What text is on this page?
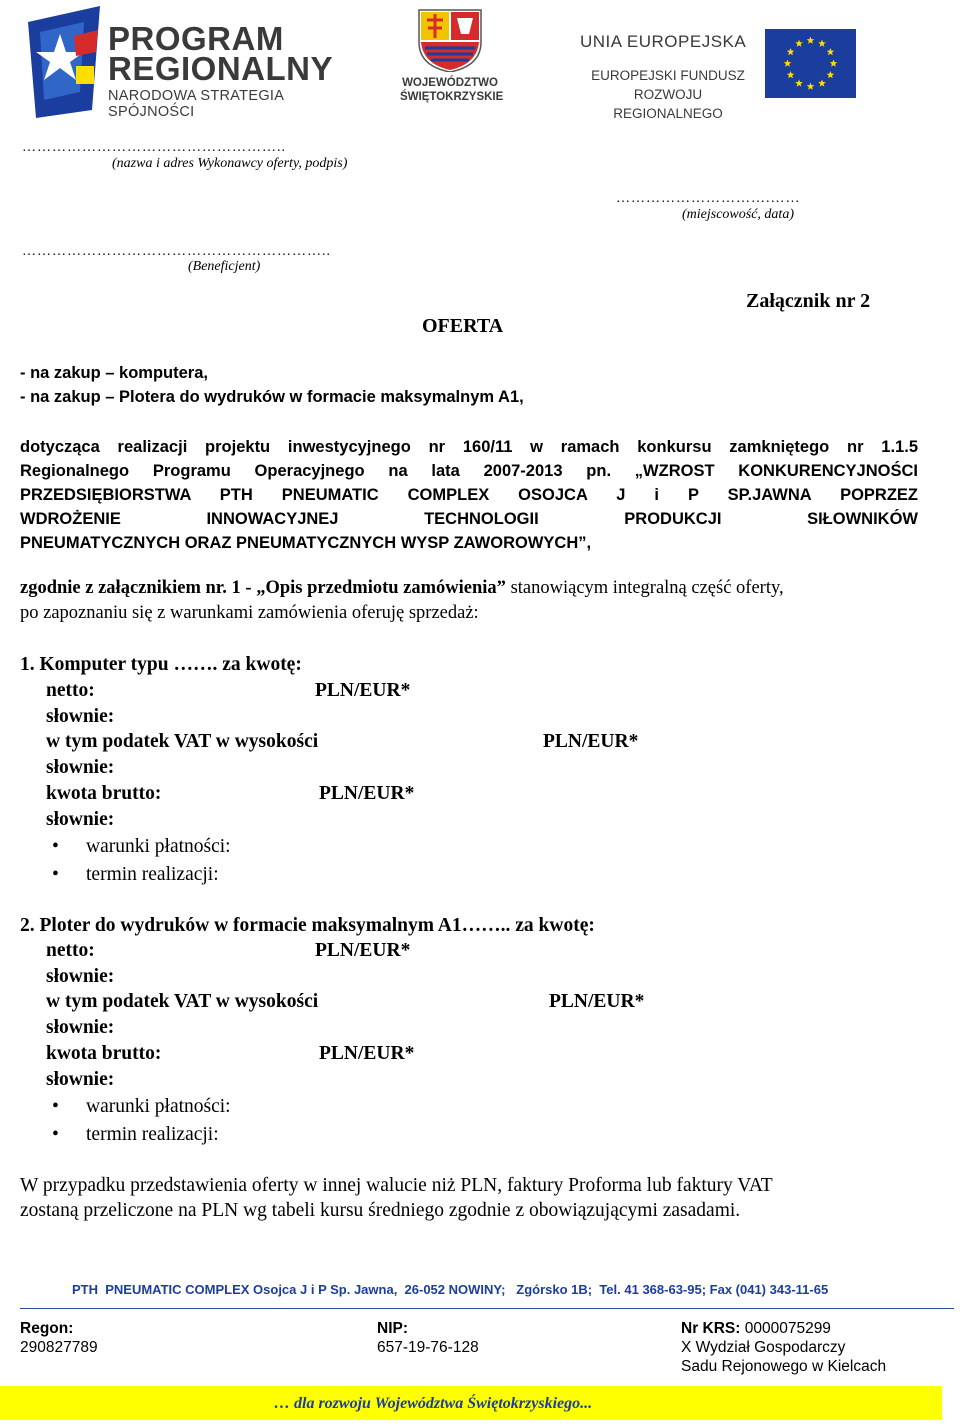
PROGRAM
REGIONALNY
NARODOWA STRATEGIA SPÓJNOŚCI
WOJEWÓDZTWO
ŚWIĘTOKRZYSKIE
UNIA EUROPEJSKA
EUROPEJSKI FUNDUSZ
ROZWOJU REGIONALNEGO
……………………………………………..
(nazwa i adres Wykonawcy oferty, podpis)
………………………….……
(miejscowość, data)
……………………………………………………..
(Beneficjent)
Załącznik nr 2
OFERTA
- na zakup – komputera,
- na zakup – Plotera do wydruków w formacie maksymalnym A1,
dotycząca realizacji projektu inwestycyjnego nr 160/11 w ramach konkursu zamkniętego nr 1.1.5
Regionalnego Programu Operacyjnego na lata 2007-2013 pn. „WZROST KONKURENCYJNOŚCI
PRZEDSIĘBIORSTWA PTH PNEUMATIC COMPLEX OSOJCA J i P SP.JAWNA POPRZEZ
WDROŻENIE INNOWACYJNEJ TECHNOLOGII PRODUKCJI SIŁOWNIKÓW
PNEUMATYCZNYCH ORAZ PNEUMATYCZNYCH WYSP ZAWOROWYCH”,
zgodnie z załącznikiem nr. 1 - „Opis przedmiotu zamówienia” stanowiącym integralną część oferty,
po zapoznaniu się z warunkami zamówienia oferuję sprzedaż:
1. Komputer typu ……. za kwotę:
netto:	PLN/EUR*
słownie:
w tym podatek VAT w wysokości	PLN/EUR*
słownie:
kwota brutto:	PLN/EUR*
słownie:
• warunki płatności:
• termin realizacji:
2. Ploter do wydruków w formacie maksymalnym A1…….. za kwotę:
netto:	PLN/EUR*
słownie:
w tym podatek VAT w wysokości	PLN/EUR*
słownie:
kwota brutto:	PLN/EUR*
słownie:
• warunki płatności:
• termin realizacji:
W przypadku przedstawienia oferty w innej walucie niż PLN, faktury Proforma lub faktury VAT
zostaną przeliczone na PLN wg tabeli kursu średniego zgodnie z obowiązującymi zasadami.
PTH  PNEUMATIC COMPLEX Osojca J i P Sp. Jawna,  26-052 NOWINY;   Zgórsko 1B;  Tel. 41 368-63-95; Fax (041) 343-11-65
Regon:
290827789
NIP:
657-19-76-128
Nr KRS: 0000075299
X Wydział Gospodarczy
Sadu Rejonowego w Kielcach
… dla rozwoju Województwa Świętokrzyskiego...
